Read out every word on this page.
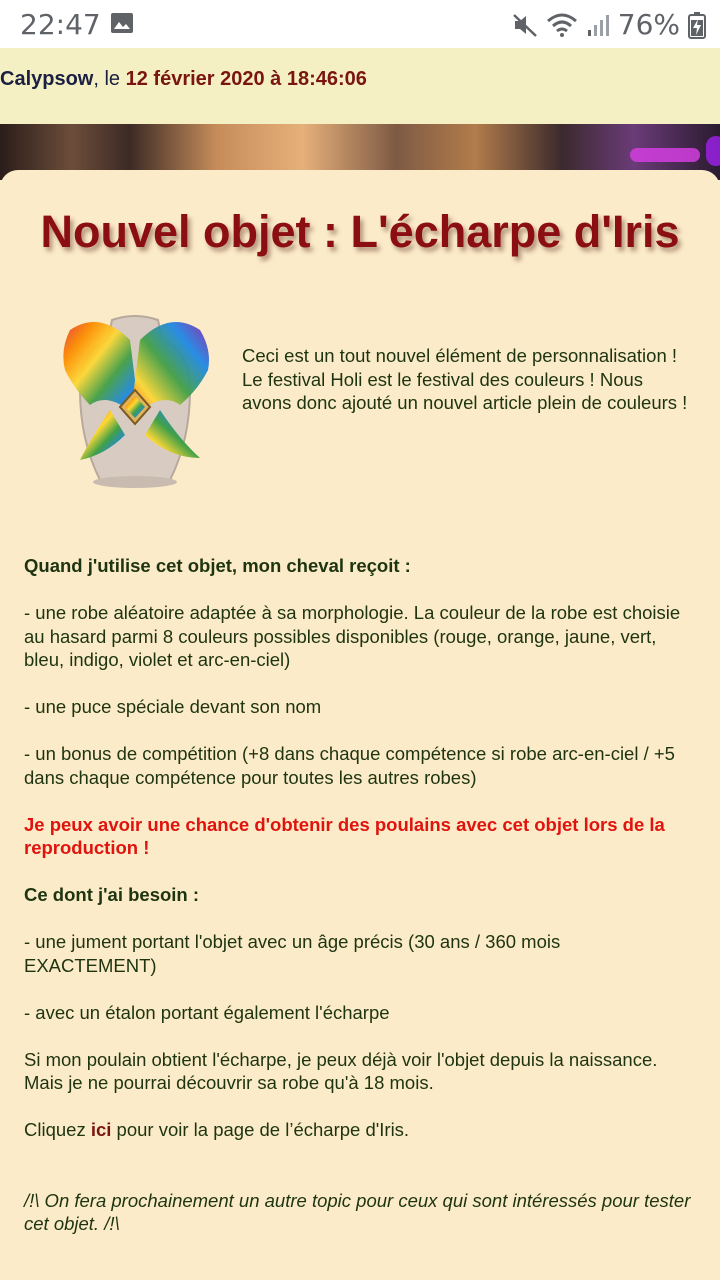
22:47	76%
Calypsow, le 12 février 2020 à 18:46:06
Nouvel objet : L'écharpe d'Iris
Ceci est un tout nouvel élément de personnalisation ! Le festival Holi est le festival des couleurs ! Nous avons donc ajouté un nouvel article plein de couleurs !

Quand j'utilise cet objet, mon cheval reçoit :

- une robe aléatoire adaptée à sa morphologie. La couleur de la robe est choisie au hasard parmi 8 couleurs possibles disponibles (rouge, orange, jaune, vert, bleu, indigo, violet et arc-en-ciel)

- une puce spéciale devant son nom

- un bonus de compétition (+8 dans chaque compétence si robe arc-en-ciel / +5 dans chaque compétence pour toutes les autres robes)

Je peux avoir une chance d'obtenir des poulains avec cet objet lors de la reproduction !

Ce dont j'ai besoin :

- une jument portant l'objet avec un âge précis (30 ans / 360 mois EXACTEMENT)

- avec un étalon portant également l'écharpe

Si mon poulain obtient l'écharpe, je peux déjà voir l'objet depuis la naissance. Mais je ne pourrai découvrir sa robe qu'à 18 mois.

Cliquez ici pour voir la page de l’écharpe d'Iris.

/!\ On fera prochainement un autre topic pour ceux qui sont intéressés pour tester cet objet. /!\
